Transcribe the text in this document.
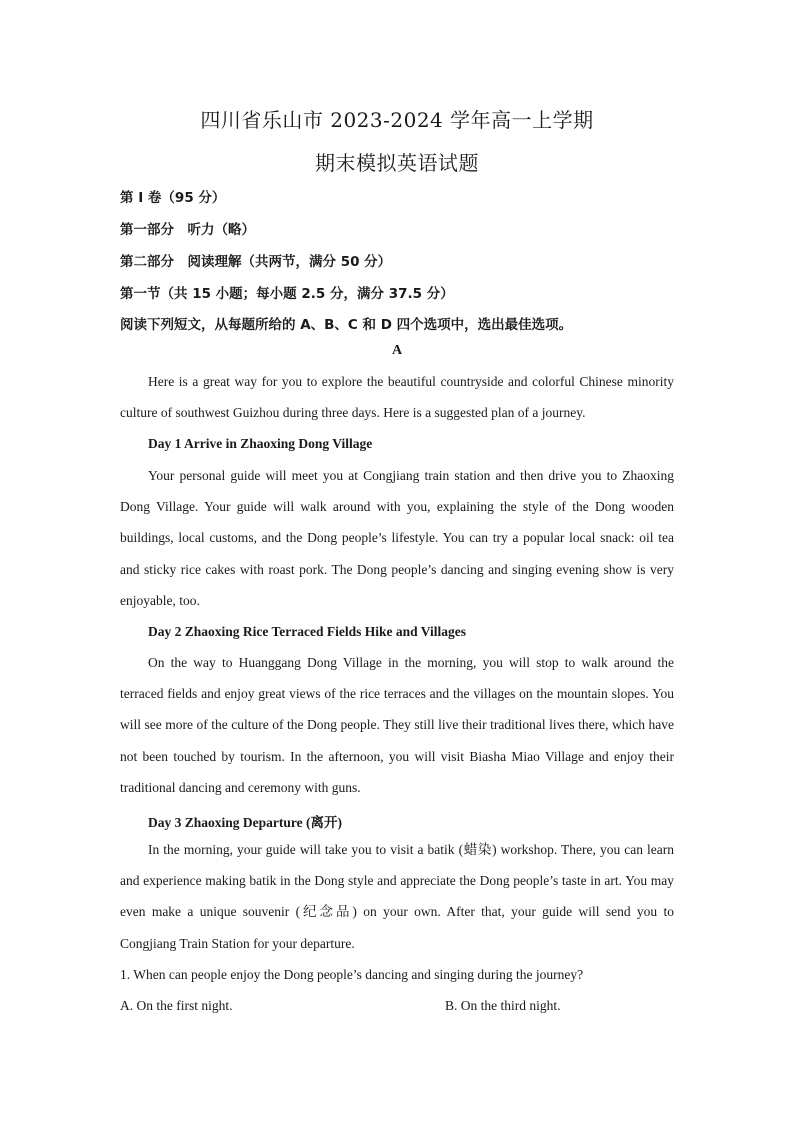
四川省乐山市 2023-2024 学年高一上学期
期末模拟英语试题
第 I 卷（95 分）
第一部分　听力（略）
第二部分　阅读理解（共两节，满分 50 分）
第一节（共 15 小题；每小题 2.5 分，满分 37.5 分）
阅读下列短文，从每题所给的 A、B、C 和 D 四个选项中，选出最佳选项。
A

Here is a great way for you to explore the beautiful countryside and colorful Chinese minority culture of southwest Guizhou during three days. Here is a suggested plan of a journey.

Day 1 Arrive in Zhaoxing Dong Village

Your personal guide will meet you at Congjiang train station and then drive you to Zhaoxing Dong Village. Your guide will walk around with you, explaining the style of the Dong wooden buildings, local customs, and the Dong people’s lifestyle. You can try a popular local snack: oil tea and sticky rice cakes with roast pork. The Dong people’s dancing and singing evening show is very enjoyable, too.

Day 2 Zhaoxing Rice Terraced Fields Hike and Villages

On the way to Huanggang Dong Village in the morning, you will stop to walk around the terraced fields and enjoy great views of the rice terraces and the villages on the mountain slopes. You will see more of the culture of the Dong people. They still live their traditional lives there, which have not been touched by tourism. In the afternoon, you will visit Biasha Miao Village and enjoy their traditional dancing and ceremony with guns.

Day 3 Zhaoxing Departure (离开)

In the morning, your guide will take you to visit a batik (蜡染) workshop. There, you can learn and experience making batik in the Dong style and appreciate the Dong people’s taste in art. You may even make a unique souvenir (纪念品) on your own. After that, your guide will send you to Congjiang Train Station for your departure.

1. When can people enjoy the Dong people’s dancing and singing during the journey?
A. On the first night.	B. On the third night.
